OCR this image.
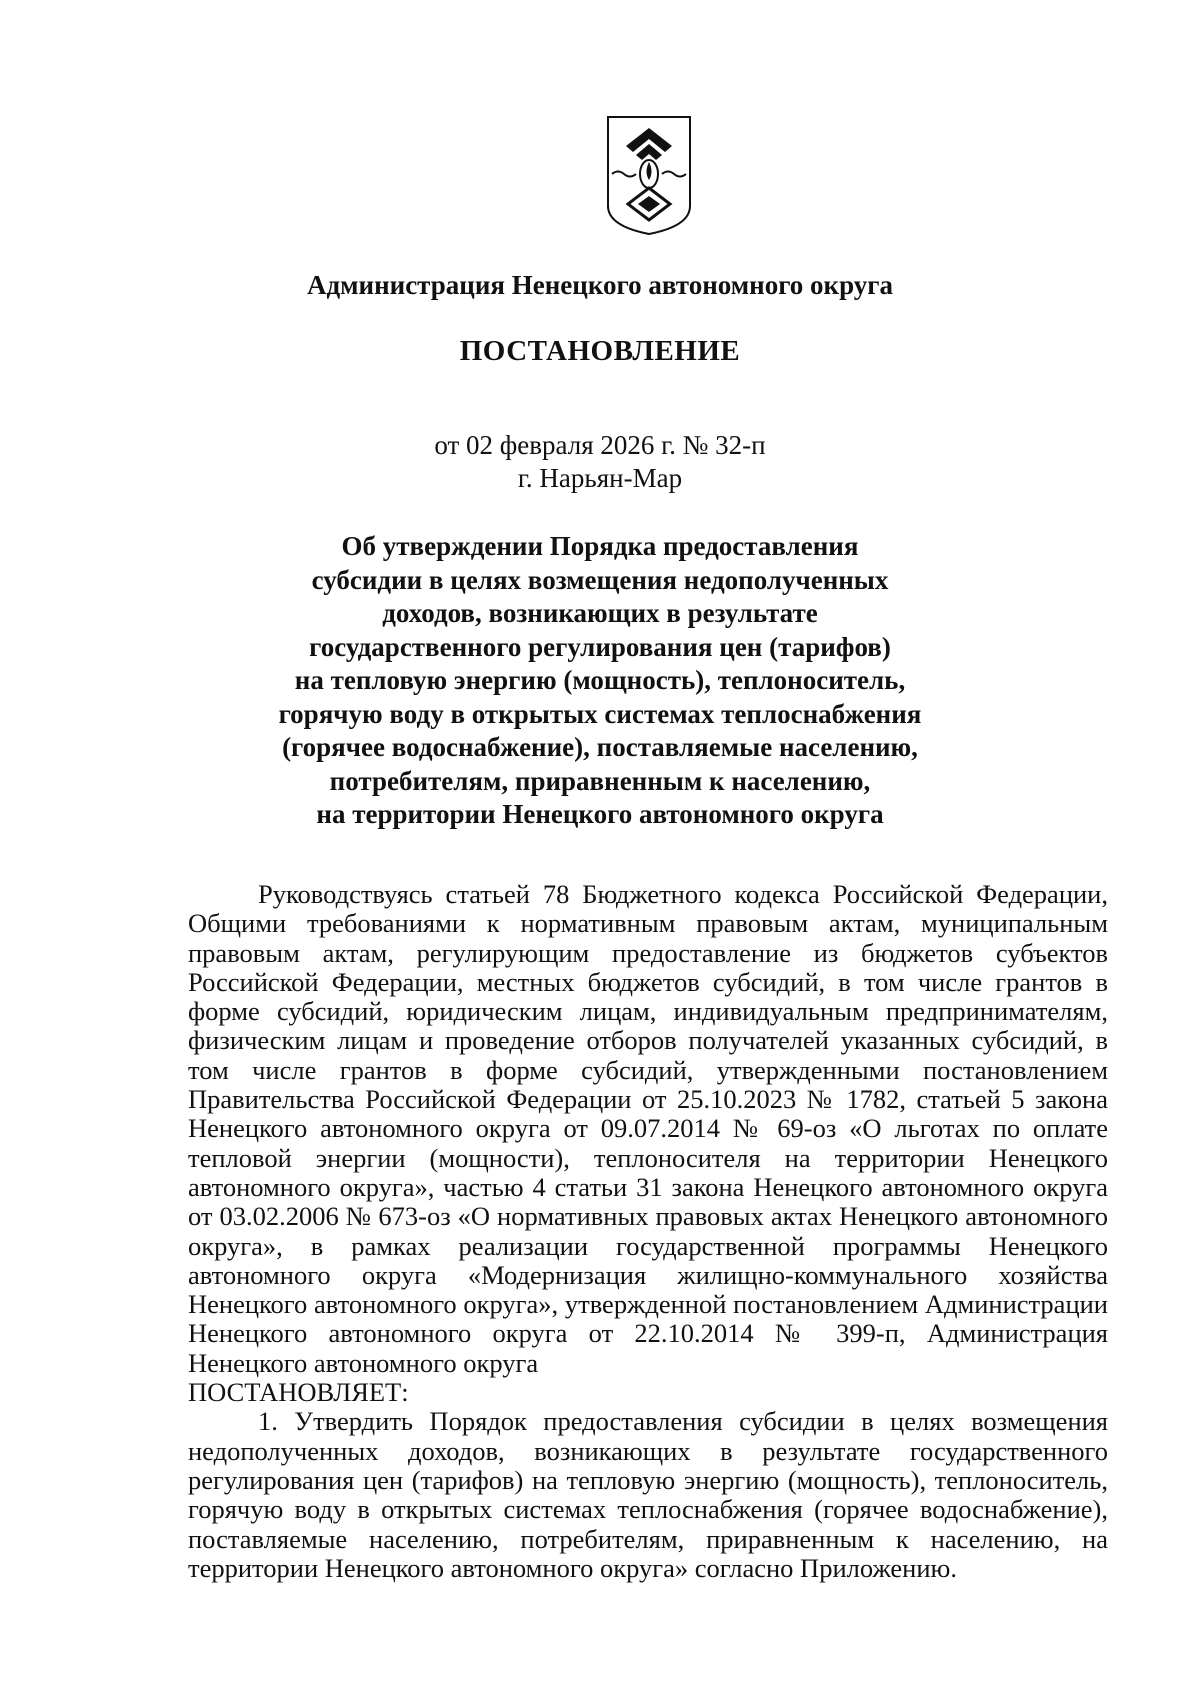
Администрация Ненецкого автономного округа
ПОСТАНОВЛЕНИЕ
от 02 февраля 2026 г. № 32-п
г. Нарьян-Мар
Об утверждении Порядка предоставления
субсидии в целях возмещения недополученных
доходов, возникающих в результате
государственного регулирования цен (тарифов)
на тепловую энергию (мощность), теплоноситель,
горячую воду в открытых системах теплоснабжения
(горячее водоснабжение), поставляемые населению,
потребителям, приравненным к населению,
на территории Ненецкого автономного округа

Руководствуясь статьей 78 Бюджетного кодекса Российской Федерации, Общими требованиями к нормативным правовым актам, муниципальным правовым актам, регулирующим предоставление из бюджетов субъектов Российской Федерации, местных бюджетов субсидий, в том числе грантов в форме субсидий, юридическим лицам, индивидуальным предпринимателям, физическим лицам и проведение отборов получателей указанных субсидий, в том числе грантов в форме субсидий, утвержденными постановлением Правительства Российской Федерации от 25.10.2023 № 1782, статьей 5 закона Ненецкого автономного округа от 09.07.2014 № 69-оз «О льготах по оплате тепловой энергии (мощности), теплоносителя на территории Ненецкого автономного округа», частью 4 статьи 31 закона Ненецкого автономного округа от 03.02.2006 № 673-оз «О нормативных правовых актах Ненецкого автономного округа», в рамках реализации государственной программы Ненецкого автономного округа «Модернизация жилищно-коммунального хозяйства Ненецкого автономного округа», утвержденной постановлением Администрации Ненецкого автономного округа от 22.10.2014 № 399-п, Администрация Ненецкого автономного округа

ПОСТАНОВЛЯЕТ:

1. Утвердить Порядок предоставления субсидии в целях возмещения недополученных доходов, возникающих в результате государственного регулирования цен (тарифов) на тепловую энергию (мощность), теплоноситель, горячую воду в открытых системах теплоснабжения (горячее водоснабжение), поставляемые населению, потребителям, приравненным к населению, на территории Ненецкого автономного округа» согласно Приложению.
